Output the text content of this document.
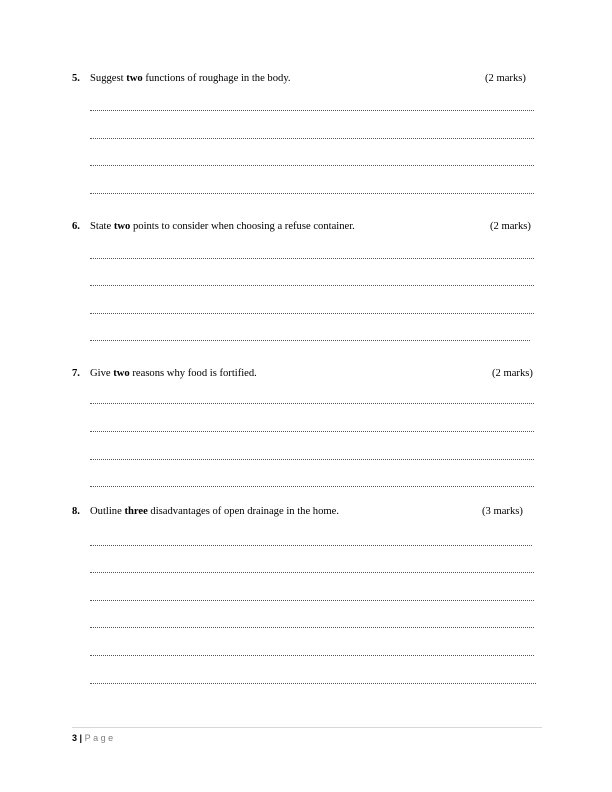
5. Suggest two functions of roughage in the body.	(2 marks)
6. State two points to consider when choosing a refuse container.	(2 marks)
7. Give two reasons why food is fortified.	(2 marks)
8. Outline three disadvantages of open drainage in the home.	(3 marks)
3 | Page
